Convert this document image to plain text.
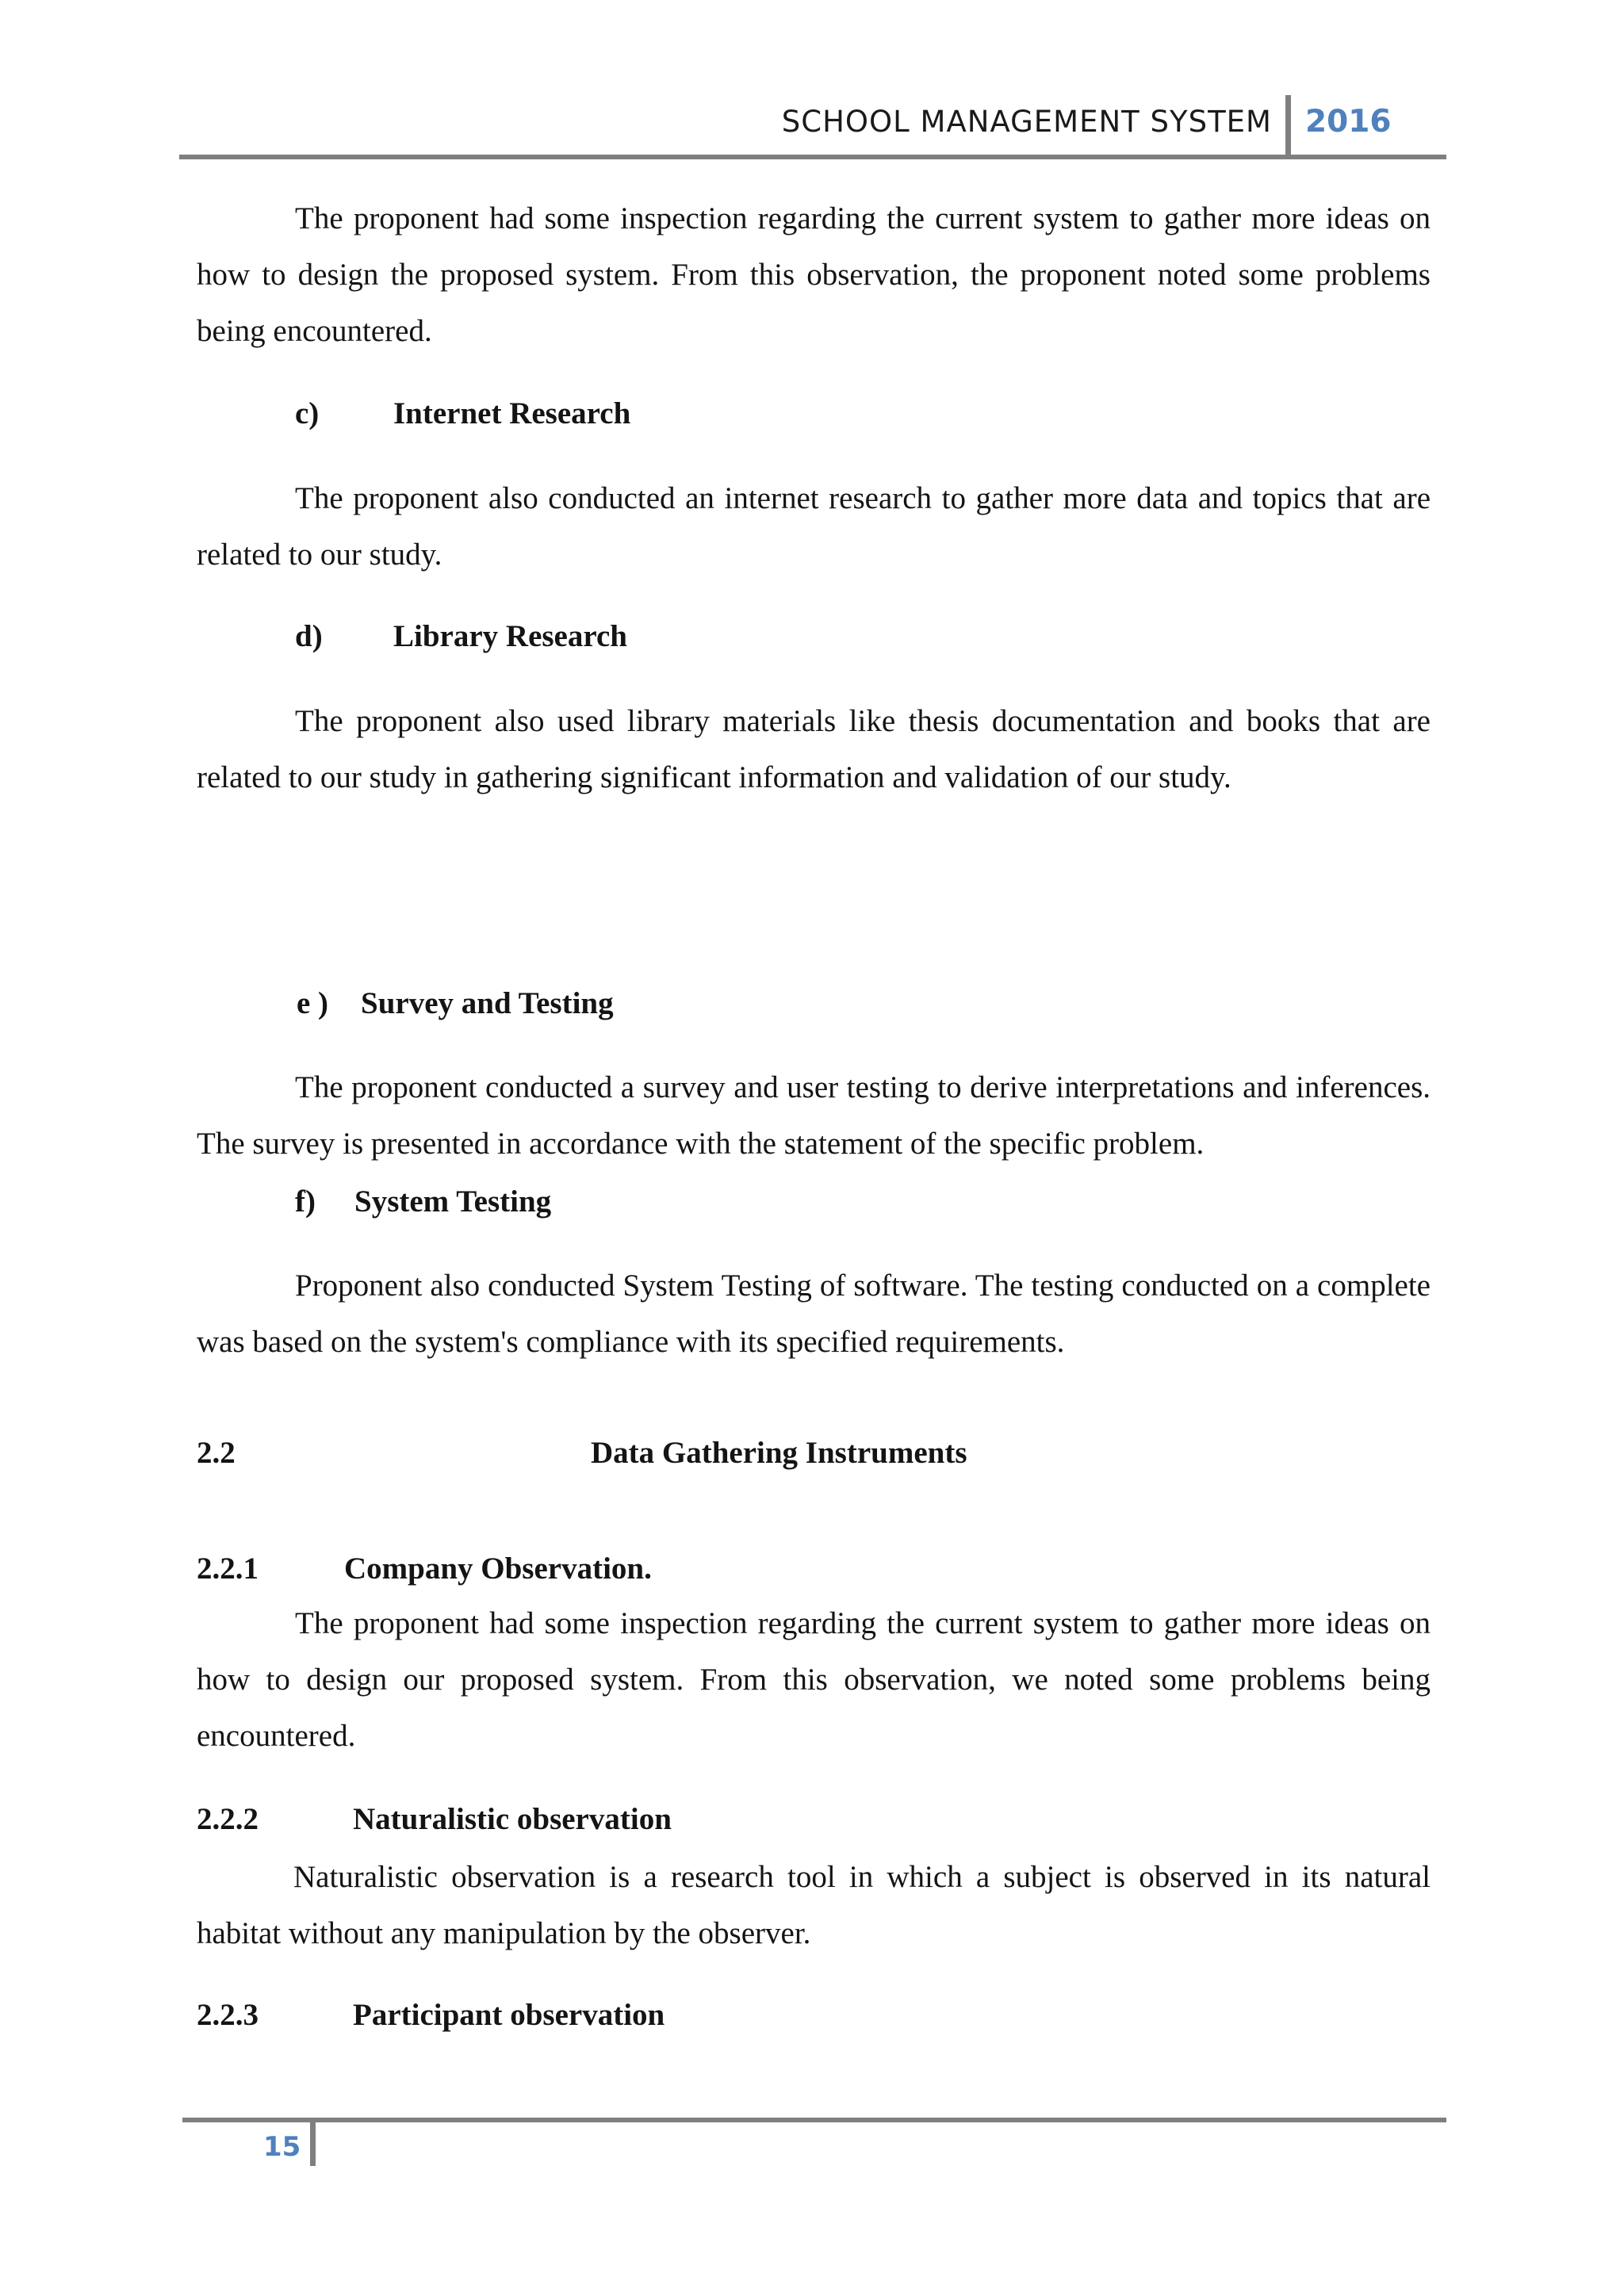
SCHOOL MANAGEMENT SYSTEM 2016

The proponent had some inspection regarding the current system to gather more ideas on how to design the proposed system. From this observation, the proponent noted some problems being encountered.

c) Internet Research

The proponent also conducted an internet research to gather more data and topics that are related to our study.

d) Library Research

The proponent also used library materials like thesis documentation and books that are related to our study in gathering significant information and validation of our study.

e ) Survey and Testing

The proponent conducted a survey and user testing to derive interpretations and inferences. The survey is presented in accordance with the statement of the specific problem.

f) System Testing

Proponent also conducted System Testing of software. The testing conducted on a complete was based on the system's compliance with its specified requirements.

2.2	Data Gathering Instruments
2.2.1	Company Observation.

The proponent had some inspection regarding the current system to gather more ideas on how to design our proposed system. From this observation, we noted some problems being encountered.

2.2.2	Naturalistic observation

Naturalistic observation is a research tool in which a subject is observed in its natural habitat without any manipulation by the observer.

2.2.3	Participant observation
15
